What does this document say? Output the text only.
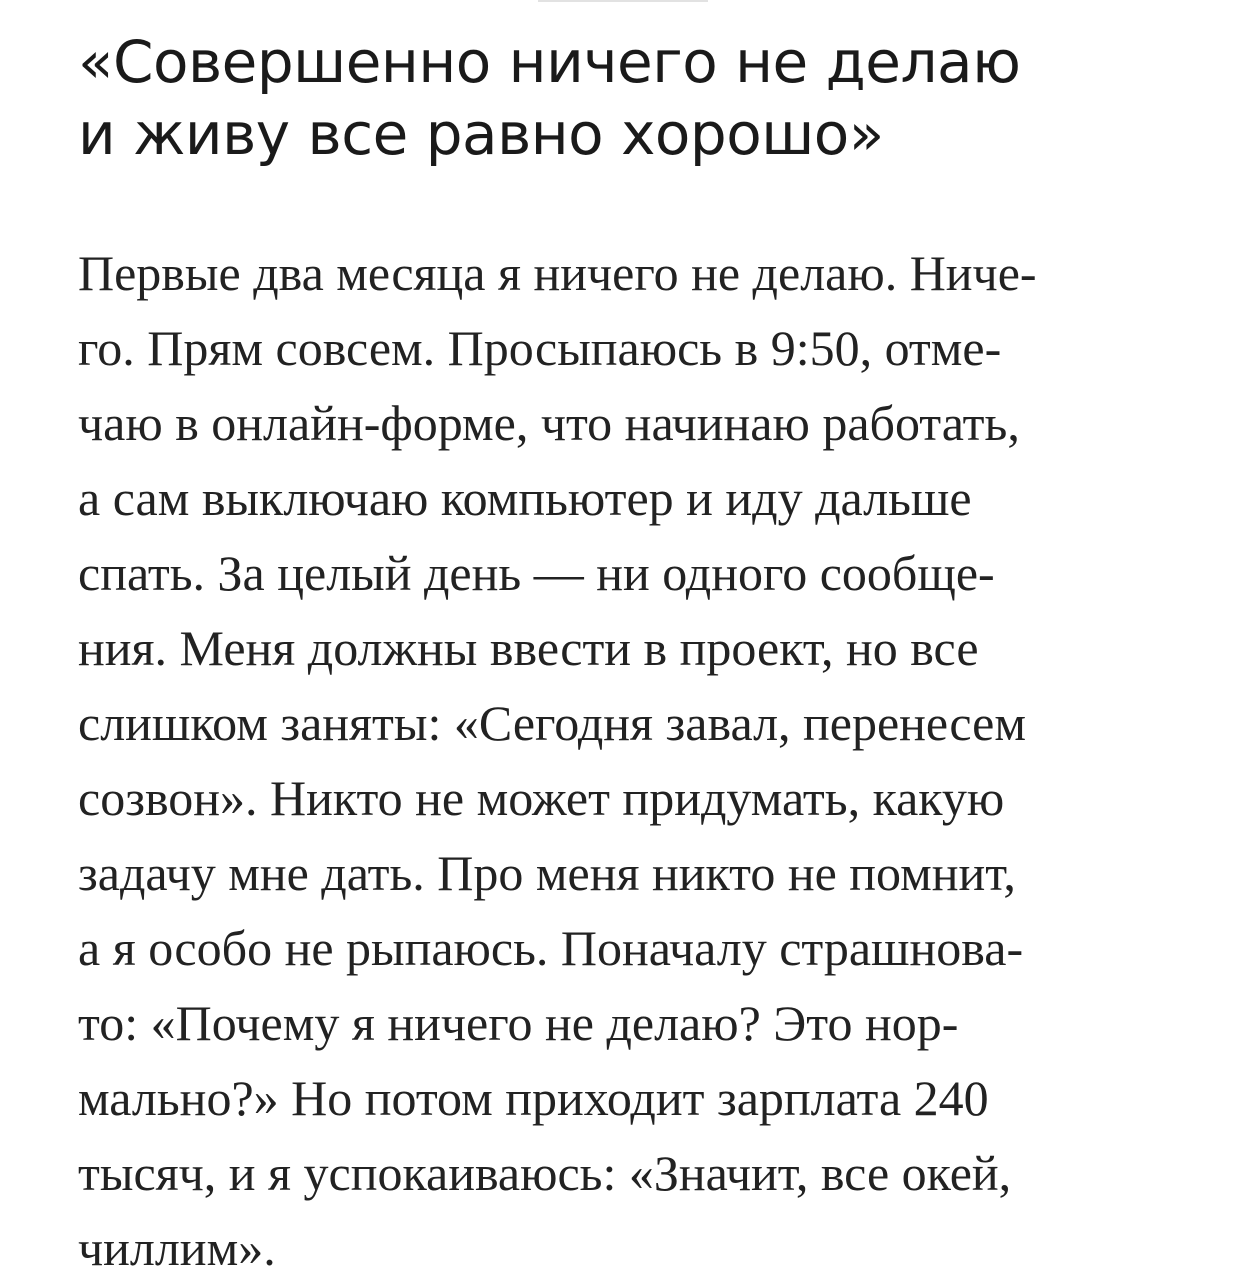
«Совершенно ничего не делаю
и живу все равно хорошо»
Первые два месяца я ничего не делаю. Ниче-
го. Прям совсем. Просыпаюсь в 9:50, отме-
чаю в онлайн-форме, что начинаю работать,
а сам выключаю компьютер и иду дальше
спать. За целый день — ни одного сообще-
ния. Меня должны ввести в проект, но все
слишком заняты: «Сегодня завал, перенесем
созвон». Никто не может придумать, какую
задачу мне дать. Про меня никто не помнит,
а я особо не рыпаюсь. Поначалу страшнова-
то: «Почему я ничего не делаю? Это нор-
мально?» Но потом приходит зарплата 240
тысяч, и я успокаиваюсь: «Значит, все окей,
чиллим».
